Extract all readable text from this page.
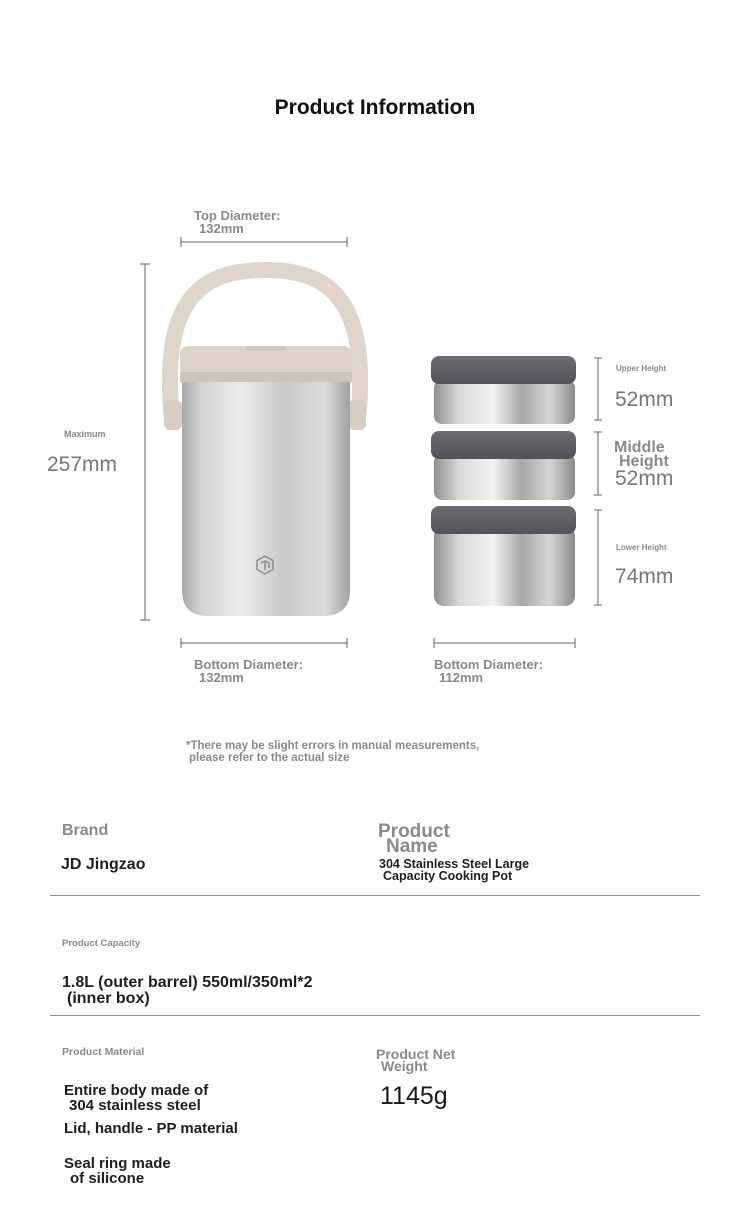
Product Information
Top Diameter:
132mm
Maximum
257mm
Bottom Diameter:
132mm
Bottom Diameter:
112mm
Upper Height
52mm
Middle
Height
52mm
Lower Height
74mm
*There may be slight errors in manual measurements,
please refer to the actual size
Brand
JD Jingzao
Product
Name
304 Stainless Steel Large
Capacity Cooking Pot
Product Capacity
1.8L (outer barrel) 550ml/350ml*2
(inner box)
Product Material
Entire body made of
304 stainless steel
Lid, handle - PP material
Seal ring made
of silicone
Product Net
Weight
1145g
